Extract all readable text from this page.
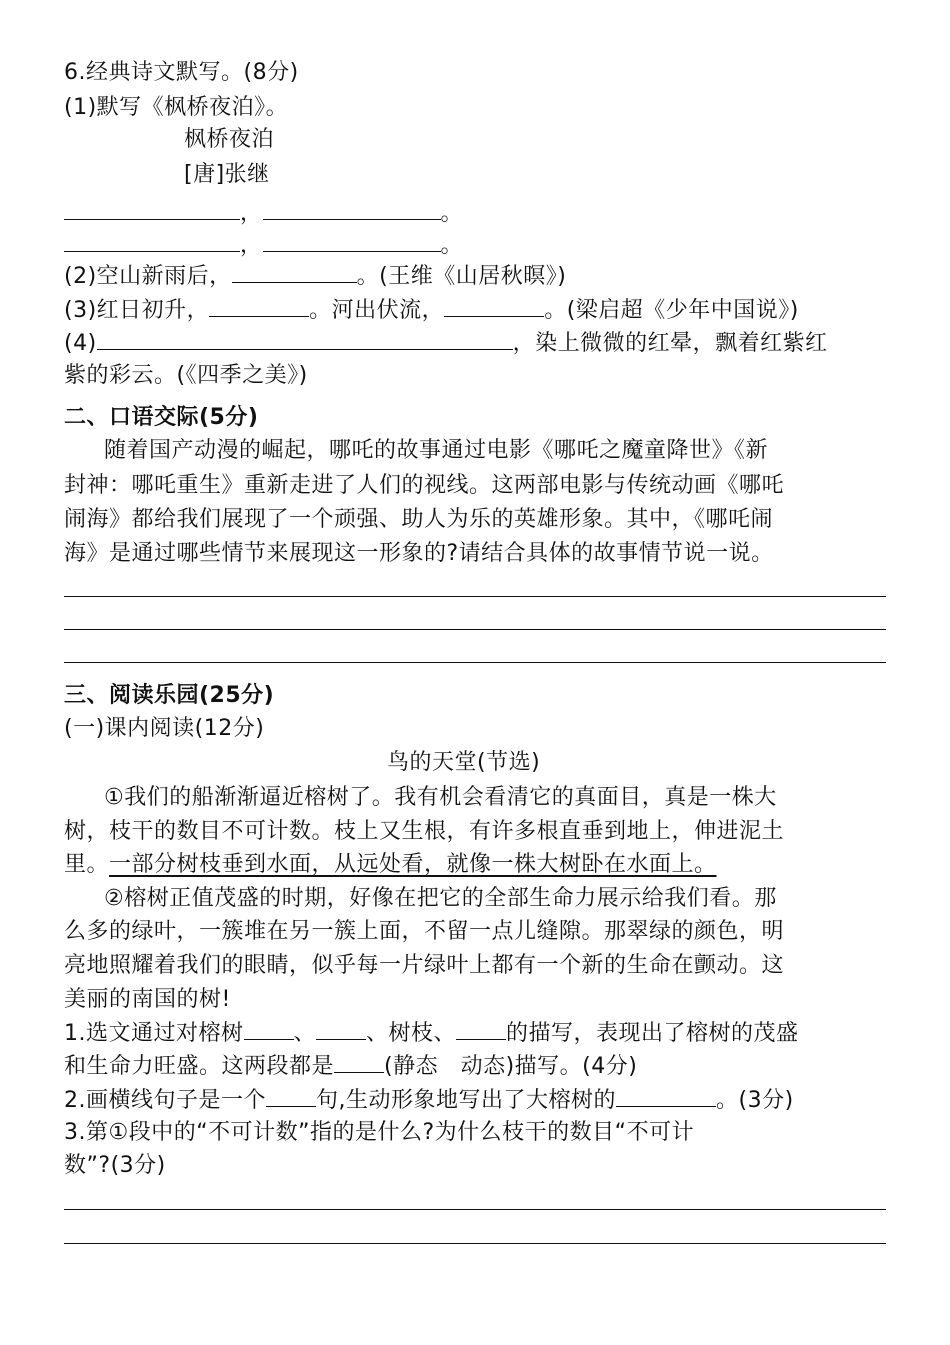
6.经典诗文默写。(8分)
(1)默写《枫桥夜泊》。
枫桥夜泊
[唐]张继
，	。
，	。
(2)空山新雨后，	。(王维《山居秋暝》)
(3)红日初升，	。河出伏流，	。(梁启超《少年中国说》)
(4)	，染上微微的红晕，飘着红紫红
紫的彩云。(《四季之美》)
二、口语交际(5分)
随着国产动漫的崛起，哪吒的故事通过电影《哪吒之魔童降世》《新
封神：哪吒重生》重新走进了人们的视线。这两部电影与传统动画《哪吒
闹海》都给我们展现了一个顽强、助人为乐的英雄形象。其中，《哪吒闹
海》是通过哪些情节来展现这一形象的?请结合具体的故事情节说一说。
三、阅读乐园(25分)
(一)课内阅读(12分)
鸟的天堂(节选)
①我们的船渐渐逼近榕树了。我有机会看清它的真面目，真是一株大
树，枝干的数目不可计数。枝上又生根，有许多根直垂到地上，伸进泥土
里。一部分树枝垂到水面，从远处看，就像一株大树卧在水面上。
②榕树正值茂盛的时期，好像在把它的全部生命力展示给我们看。那
么多的绿叶，一簇堆在另一簇上面，不留一点儿缝隙。那翠绿的颜色，明
亮地照耀着我们的眼睛，似乎每一片绿叶上都有一个新的生命在颤动。这
美丽的南国的树!
1.选文通过对榕树 、 、树枝、 的描写，表现出了榕树的茂盛
和生命力旺盛。这两段都是 (静态　动态)描写。(4分)
2.画横线句子是一个 句,生动形象地写出了大榕树的	。(3分)
3.第①段中的“不可计数”指的是什么?为什么枝干的数目“不可计
数”?(3分)
